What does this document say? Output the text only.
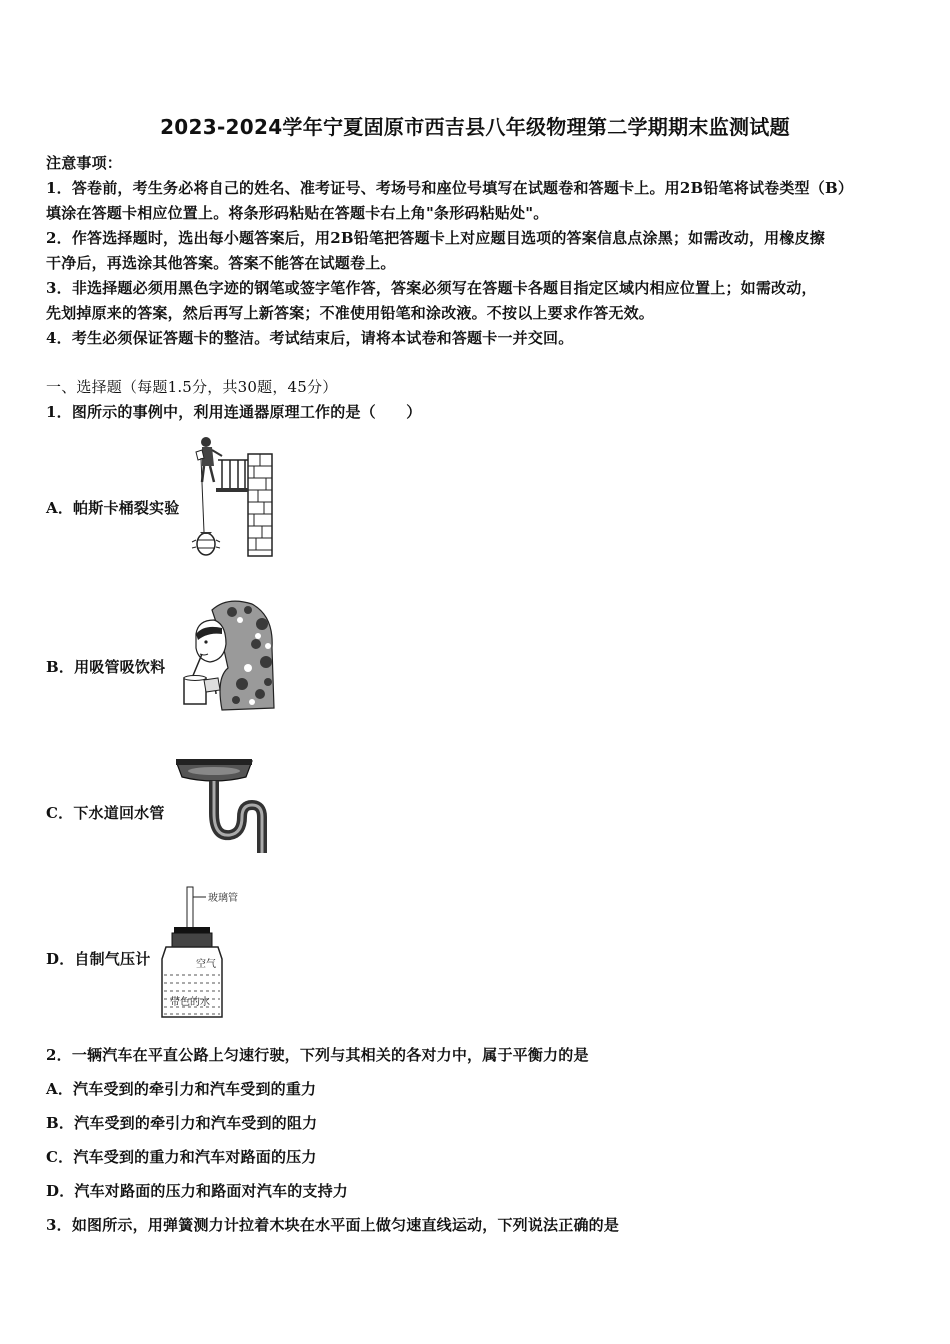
2023-2024学年宁夏固原市西吉县八年级物理第二学期期末监测试题
注意事项：
1．答卷前，考生务必将自己的姓名、准考证号、考场号和座位号填写在试题卷和答题卡上。用2B铅笔将试卷类型（B）
填涂在答题卡相应位置上。将条形码粘贴在答题卡右上角"条形码粘贴处"。
2．作答选择题时，选出每小题答案后，用2B铅笔把答题卡上对应题目选项的答案信息点涂黑；如需改动，用橡皮擦
干净后，再选涂其他答案。答案不能答在试题卷上。
3．非选择题必须用黑色字迹的钢笔或签字笔作答，答案必须写在答题卡各题目指定区域内相应位置上；如需改动，
先划掉原来的答案，然后再写上新答案；不准使用铅笔和涂改液。不按以上要求作答无效。
4．考生必须保证答题卡的整洁。考试结束后，请将本试卷和答题卡一并交回。
一、选择题（每题1.5分，共30题，45分）
1．图所示的事例中，利用连通器原理工作的是（　　）
A．帕斯卡桶裂实验
B．用吸管吸饮料
C．下水道回水管
D．自制气压计
玻璃管
空气
带色的水
2．一辆汽车在平直公路上匀速行驶，下列与其相关的各对力中，属于平衡力的是
A．汽车受到的牵引力和汽车受到的重力
B．汽车受到的牵引力和汽车受到的阻力
C．汽车受到的重力和汽车对路面的压力
D．汽车对路面的压力和路面对汽车的支持力
3．如图所示，用弹簧测力计拉着木块在水平面上做匀速直线运动，下列说法正确的是
